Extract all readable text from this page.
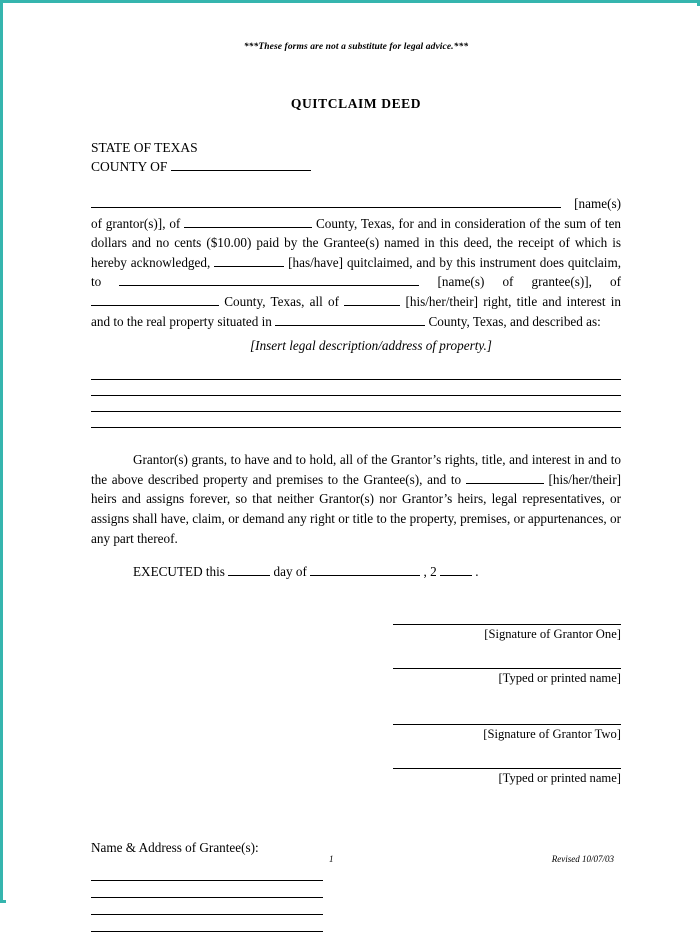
***These forms are not a substitute for legal advice.***
QUITCLAIM DEED
STATE OF TEXAS
COUNTY OF
[name(s) of grantor(s)], of	County, Texas, for and in consideration of the sum of ten dollars and no cents ($10.00) paid by the Grantee(s) named in this deed, the receipt of which is hereby acknowledged,	[has/have] quitclaimed, and by this instrument does quitclaim, to	[name(s) of grantee(s)], of  County, Texas, all of	[his/her/their] right, title and interest in and to the real property situated in	County, Texas, and described as:
[Insert legal description/address of property.]
Grantor(s) grants, to have and to hold, all of the Grantor’s rights, title, and interest in and to the above described property and premises to the Grantee(s), and to	[his/her/their] heirs and assigns forever, so that neither Grantor(s) nor Grantor’s heirs, legal representatives, or assigns shall have, claim, or demand any right or title to the property, premises, or appurtenances, or any part thereof.
EXECUTED this	day of	, 2	.
[Signature of Grantor One]
[Typed or printed name]
[Signature of Grantor Two]
[Typed or printed name]
Name & Address of Grantee(s):
1	Revised 10/07/03
